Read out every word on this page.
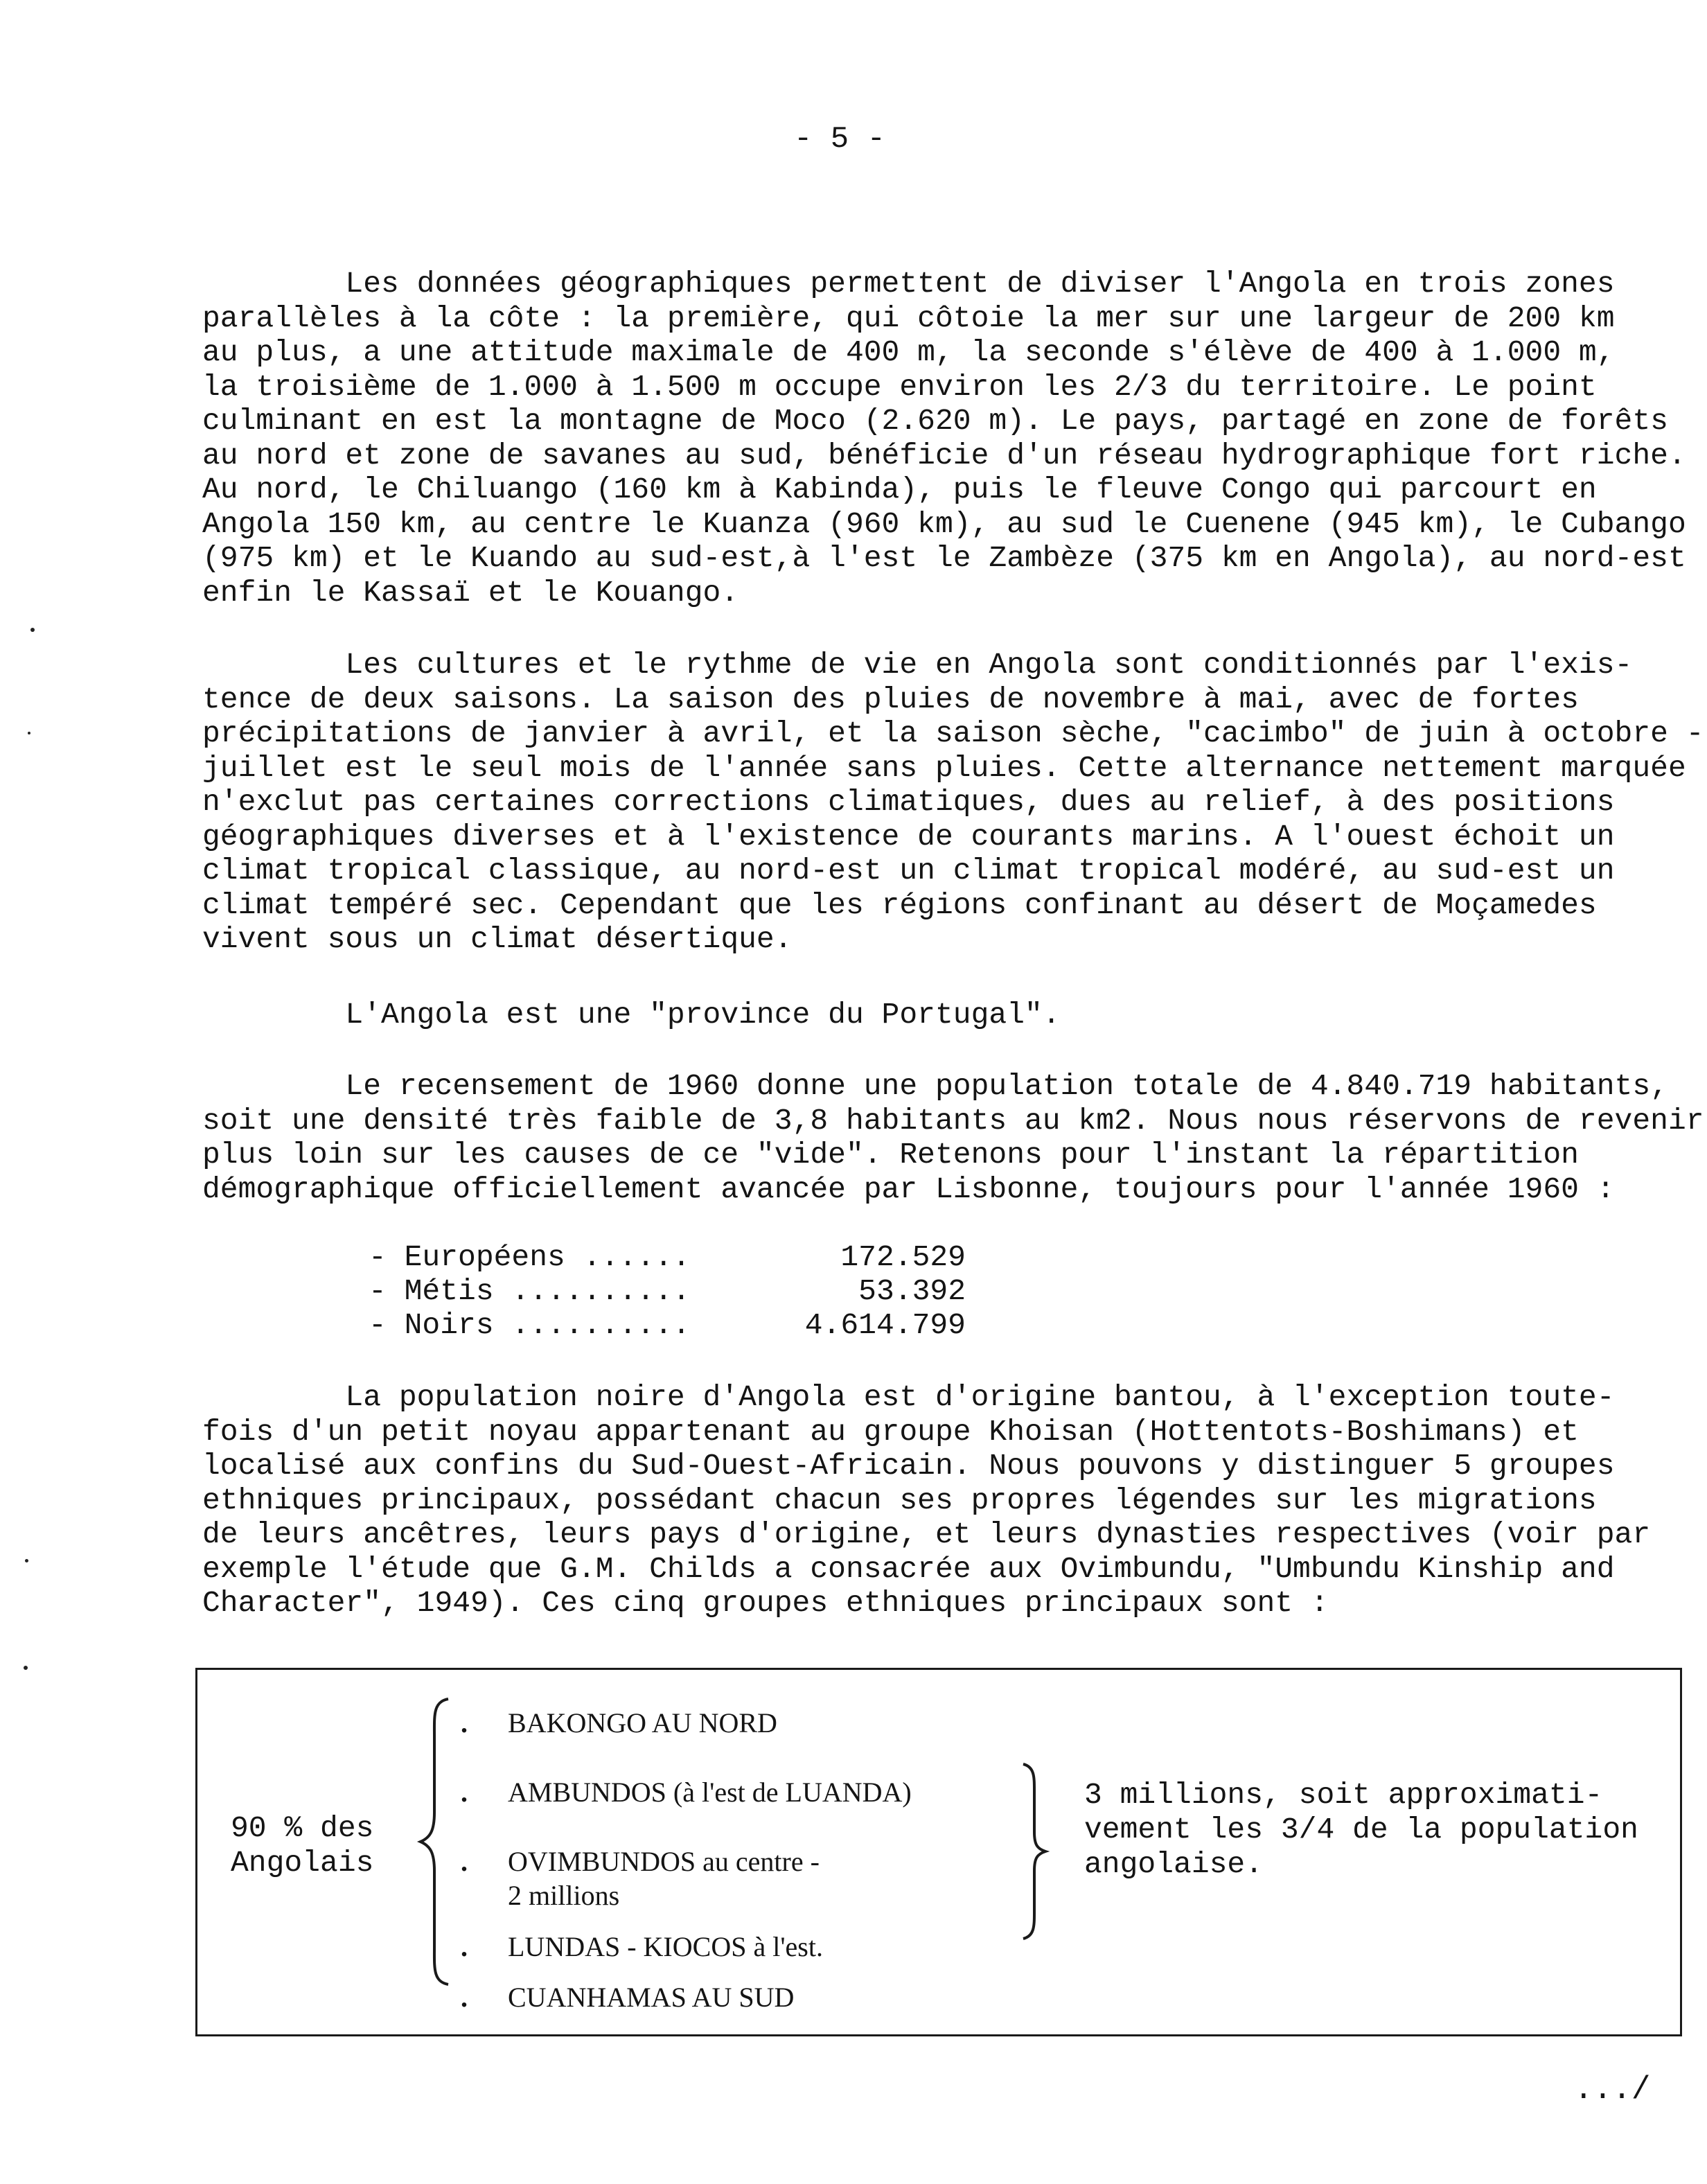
- 5 -
Les données géographiques permettent de diviser l'Angola en trois zones
parallèles à la côte : la première, qui côtoie la mer sur une largeur de 200 km
au plus, a une attitude maximale de 400 m, la seconde s'élève de 400 à 1.000 m,
la troisième de 1.000 à 1.500 m occupe environ les 2/3 du territoire. Le point
culminant en est la montagne de Moco (2.620 m). Le pays, partagé en zone de forêts
au nord et zone de savanes au sud, bénéficie d'un réseau hydrographique fort riche.
Au nord, le Chiluango (160 km à Kabinda), puis le fleuve Congo qui parcourt en
Angola 150 km, au centre le Kuanza (960 km), au sud le Cuenene (945 km), le Cubango
(975 km) et le Kuando au sud-est,à l'est le Zambèze (375 km en Angola), au nord-est
enfin le Kassaï et le Kouango.
Les cultures et le rythme de vie en Angola sont conditionnés par l'exis-
tence de deux saisons. La saison des pluies de novembre à mai, avec de fortes
précipitations de janvier à avril, et la saison sèche, "cacimbo" de juin à octobre -
juillet est le seul mois de l'année sans pluies. Cette alternance nettement marquée
n'exclut pas certaines corrections climatiques, dues au relief, à des positions
géographiques diverses et à l'existence de courants marins. A l'ouest échoit un
climat tropical classique, au nord-est un climat tropical modéré, au sud-est un
climat tempéré sec. Cependant que les régions confinant au désert de Moçamedes
vivent sous un climat désertique.
L'Angola est une "province du Portugal".
Le recensement de 1960 donne une population totale de 4.840.719 habitants,
soit une densité très faible de 3,8 habitants au km2. Nous nous réservons de revenir
plus loin sur les causes de ce "vide". Retenons pour l'instant la répartition
démographique officiellement avancée par Lisbonne, toujours pour l'année 1960 :
- Européens ......	172.529
- Métis ..........	53.392
- Noirs ..........	4.614.799
La population noire d'Angola est d'origine bantou, à l'exception toute-
fois d'un petit noyau appartenant au groupe Khoisan (Hottentots-Boshimans) et
localisé aux confins du Sud-Ouest-Africain. Nous pouvons y distinguer 5 groupes
ethniques principaux, possédant chacun ses propres légendes sur les migrations
de leurs ancêtres, leurs pays d'origine, et leurs dynasties respectives (voir par
exemple l'étude que G.M. Childs a consacrée aux Ovimbundu, "Umbundu Kinship and
Character", 1949). Ces cinq groupes ethniques principaux sont :
90 % des
Angolais
. BAKONGO AU NORD
. AMBUNDOS (à l'est de LUANDA)
. OVIMBUNDOS au centre -
2 millions
. LUNDAS - KIOCOS à l'est.
. CUANHAMAS AU SUD
3 millions, soit approximati-
vement les 3/4 de la population
angolaise.
.../
